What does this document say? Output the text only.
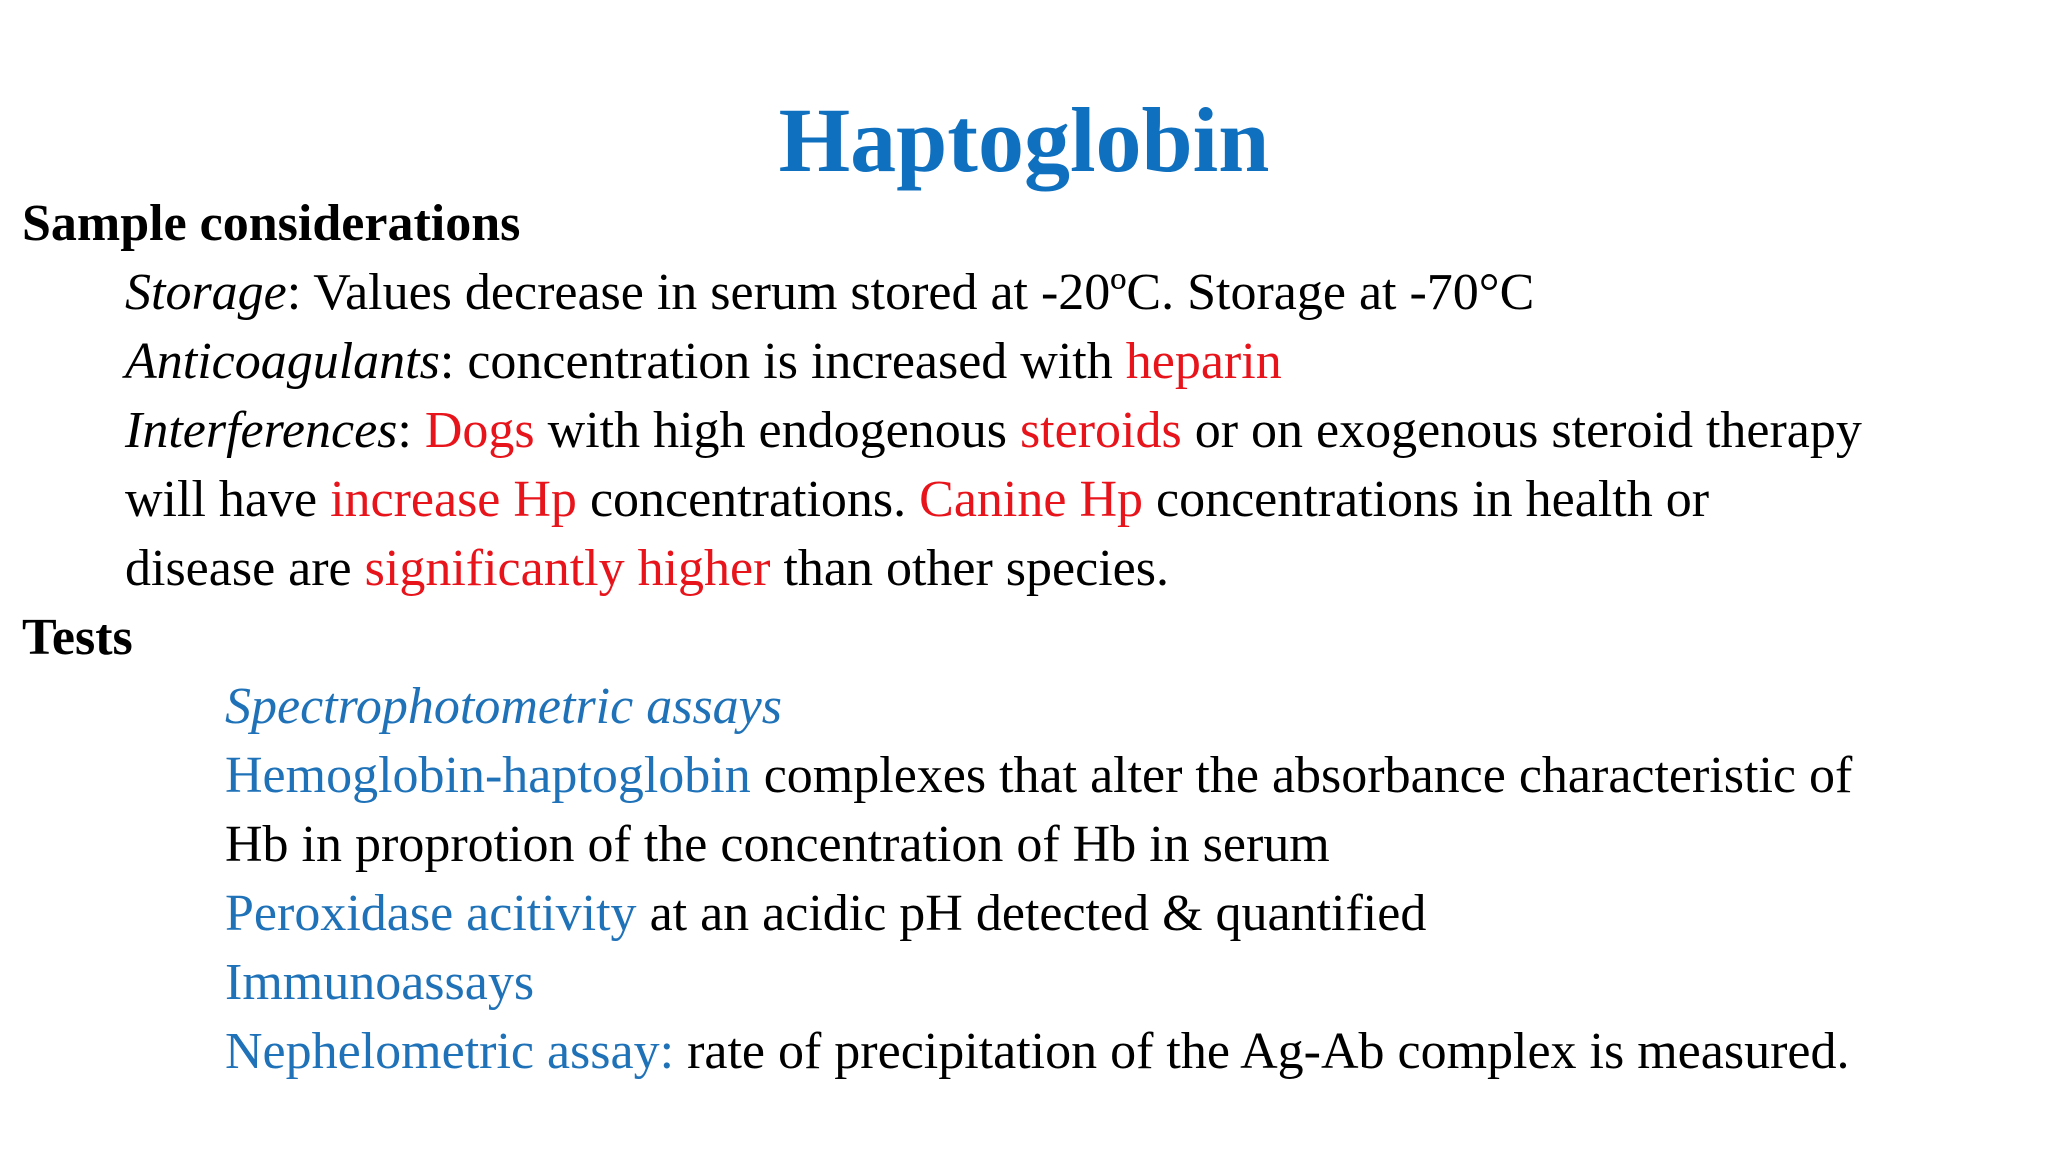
Haptoglobin
Sample considerations
Storage: Values decrease in serum stored at -20ºC. Storage at -70°C
Anticoagulants: concentration is increased with heparin
Interferences: Dogs with high endogenous steroids or on exogenous steroid therapy
will have increase Hp concentrations. Canine Hp concentrations in health or
disease are significantly higher than other species.
Tests
Spectrophotometric assays
Hemoglobin-haptoglobin complexes that alter the absorbance characteristic of
Hb in proprotion of the concentration of Hb in serum
Peroxidase acitivity at an acidic pH detected & quantified
Immunoassays
Nephelometric assay: rate of precipitation of the Ag-Ab complex is measured.
